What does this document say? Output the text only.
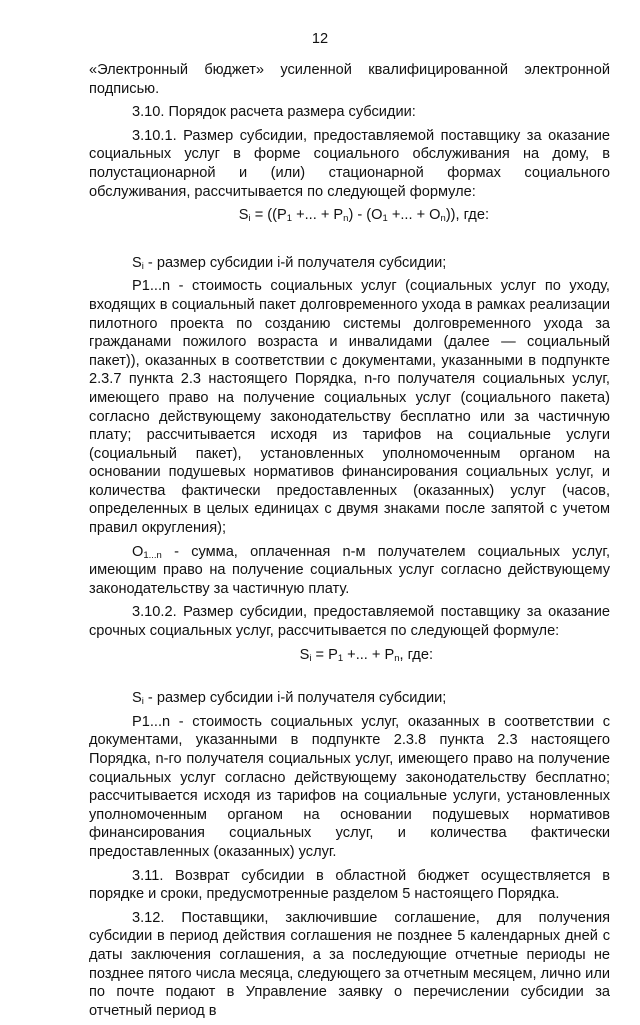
12

«Электронный бюджет» усиленной квалифицированной электронной подписью.

3.10. Порядок расчета размера субсидии:

3.10.1. Размер субсидии, предоставляемой поставщику за оказание социальных услуг в форме социального обслуживания на дому, в полустационарной и (или) стационарной формах социального обслуживания, рассчитывается по следующей формуле:

$S_i = ((P_1$ +... + $P_n) - (O_1$ +... + $O_n$)), где:

$S_i$ - размер субсидии i-й получателя субсидии;

P1...n - стоимость социальных услуг (социальных услуг по уходу, входящих в социальный пакет долговременного ухода в рамках реализации пилотного проекта по созданию системы долговременного ухода за гражданами пожилого возраста и инвалидами (далее — социальный пакет)), оказанных в соответствии с документами, указанными в подпункте 2.3.7 пункта 2.3 настоящего Порядка, n-го получателя социальных услуг, имеющего право на получение социальных услуг (социального пакета) согласно действующему законодательству бесплатно или за частичную плату; рассчитывается исходя из тарифов на социальные услуги (социальный пакет), установленных уполномоченным органом на основании подушевых нормативов финансирования социальных услуг, и количества фактически предоставленных (оказанных) услуг (часов, определенных в целых единицах с двумя знаками после запятой с учетом правил округления);

$O_{1...n}$ - сумма, оплаченная n-м получателем социальных услуг, имеющим право на получение социальных услуг согласно действующему законодательству за частичную плату.

3.10.2. Размер субсидии, предоставляемой поставщику за оказание срочных социальных услуг, рассчитывается по следующей формуле:

$S_i = P_1$ +... + $P_n$, где:

$S_i$ - размер субсидии i-й получателя субсидии;

P1...n - стоимость социальных услуг, оказанных в соответствии с документами, указанными в подпункте 2.3.8 пункта 2.3 настоящего Порядка, n-го получателя социальных услуг, имеющего право на получение социальных услуг согласно действующему законодательству бесплатно; рассчитывается исходя из тарифов на социальные услуги, установленных уполномоченным органом на основании подушевых нормативов финансирования социальных услуг, и количества фактически предоставленных (оказанных) услуг.

3.11. Возврат субсидии в областной бюджет осуществляется в порядке и сроки, предусмотренные разделом 5 настоящего Порядка.

3.12. Поставщики, заключившие соглашение, для получения субсидии в период действия соглашения не позднее 5 календарных дней с даты заключения соглашения, а за последующие отчетные периоды не позднее пятого числа месяца, следующего за отчетным месяцем, лично или по почте подают в Управление заявку о перечислении субсидии за отчетный период в
